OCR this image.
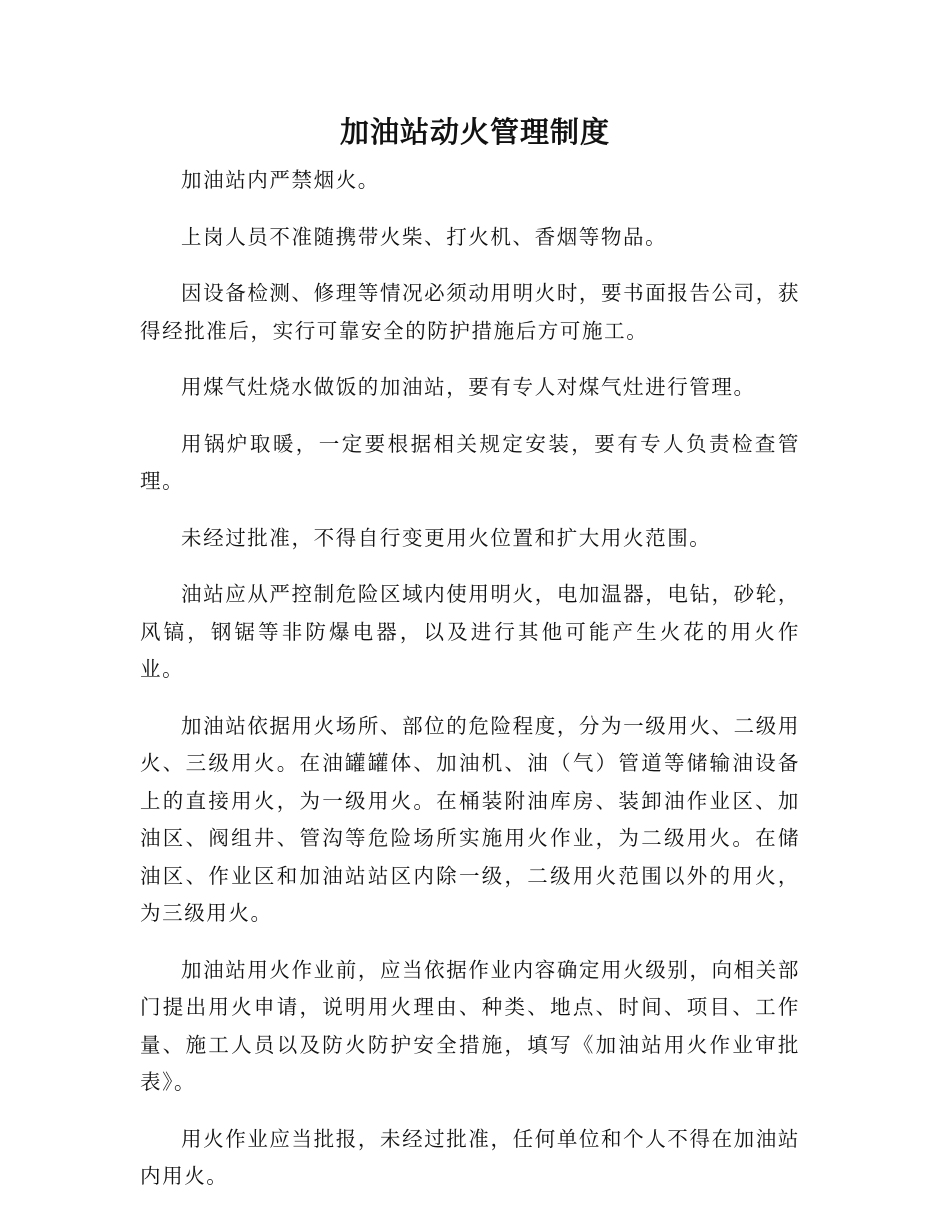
加油站动火管理制度

加油站内严禁烟火。

上岗人员不准随携带火柴、打火机、香烟等物品。

因设备检测、修理等情况必须动用明火时，要书面报告公司，获得经批准后，实行可靠安全的防护措施后方可施工。

用煤气灶烧水做饭的加油站，要有专人对煤气灶进行管理。

用锅炉取暖，一定要根据相关规定安装，要有专人负责检查管理。

未经过批准，不得自行变更用火位置和扩大用火范围。

油站应从严控制危险区域内使用明火，电加温器，电钻，砂轮，风镐，钢锯等非防爆电器，以及进行其他可能产生火花的用火作业。

加油站依据用火场所、部位的危险程度，分为一级用火、二级用火、三级用火。在油罐罐体、加油机、油（气）管道等储输油设备上的直接用火，为一级用火。在桶装附油库房、装卸油作业区、加油区、阀组井、管沟等危险场所实施用火作业，为二级用火。在储油区、作业区和加油站站区内除一级，二级用火范围以外的用火，为三级用火。

加油站用火作业前，应当依据作业内容确定用火级别，向相关部门提出用火申请，说明用火理由、种类、地点、时间、项目、工作量、施工人员以及防火防护安全措施，填写《加油站用火作业审批表》。

用火作业应当批报，未经过批准，任何单位和个人不得在加油站内用火。
